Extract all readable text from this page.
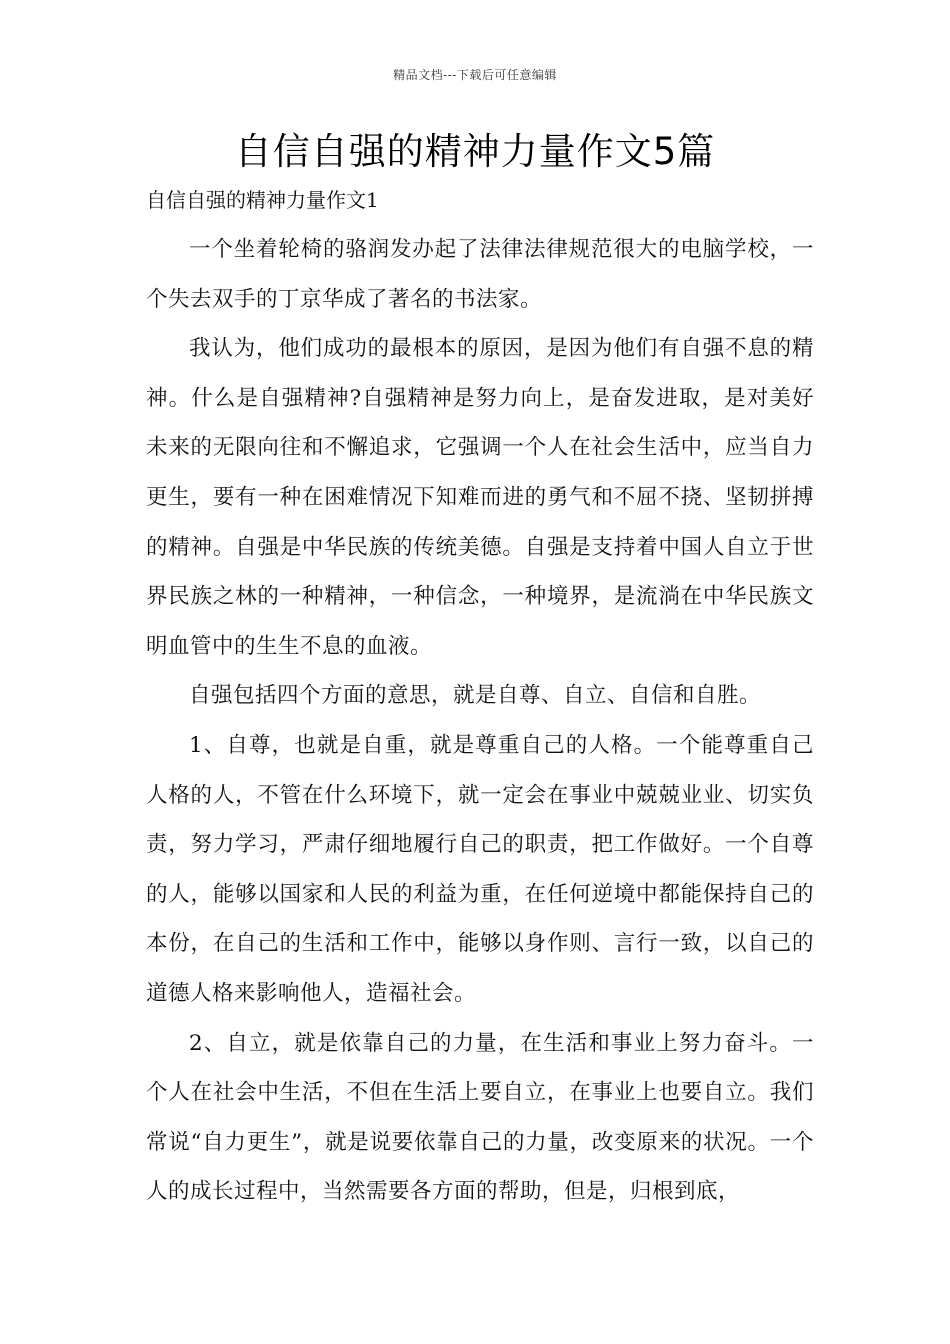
精品文档---下载后可任意编辑
自信自强的精神力量作文5篇
自信自强的精神力量作文1

一个坐着轮椅的骆润发办起了法律法律规范很大的电脑学校，一个失去双手的丁京华成了著名的书法家。

我认为，他们成功的最根本的原因，是因为他们有自强不息的精神。什么是自强精神?自强精神是努力向上，是奋发进取，是对美好未来的无限向往和不懈追求，它强调一个人在社会生活中，应当自力更生，要有一种在困难情况下知难而进的勇气和不屈不挠、坚韧拼搏的精神。自强是中华民族的传统美德。自强是支持着中国人自立于世界民族之林的一种精神，一种信念，一种境界，是流淌在中华民族文明血管中的生生不息的血液。

自强包括四个方面的意思，就是自尊、自立、自信和自胜。

1、自尊，也就是自重，就是尊重自己的人格。一个能尊重自己人格的人，不管在什么环境下，就一定会在事业中兢兢业业、切实负责，努力学习，严肃仔细地履行自己的职责，把工作做好。一个自尊的人，能够以国家和人民的利益为重，在任何逆境中都能保持自己的本份，在自己的生活和工作中，能够以身作则、言行一致，以自己的道德人格来影响他人，造福社会。

2、自立，就是依靠自己的力量，在生活和事业上努力奋斗。一个人在社会中生活，不但在生活上要自立，在事业上也要自立。我们常说“自力更生”，就是说要依靠自己的力量，改变原来的状况。一个人的成长过程中，当然需要各方面的帮助，但是，归根到底，
